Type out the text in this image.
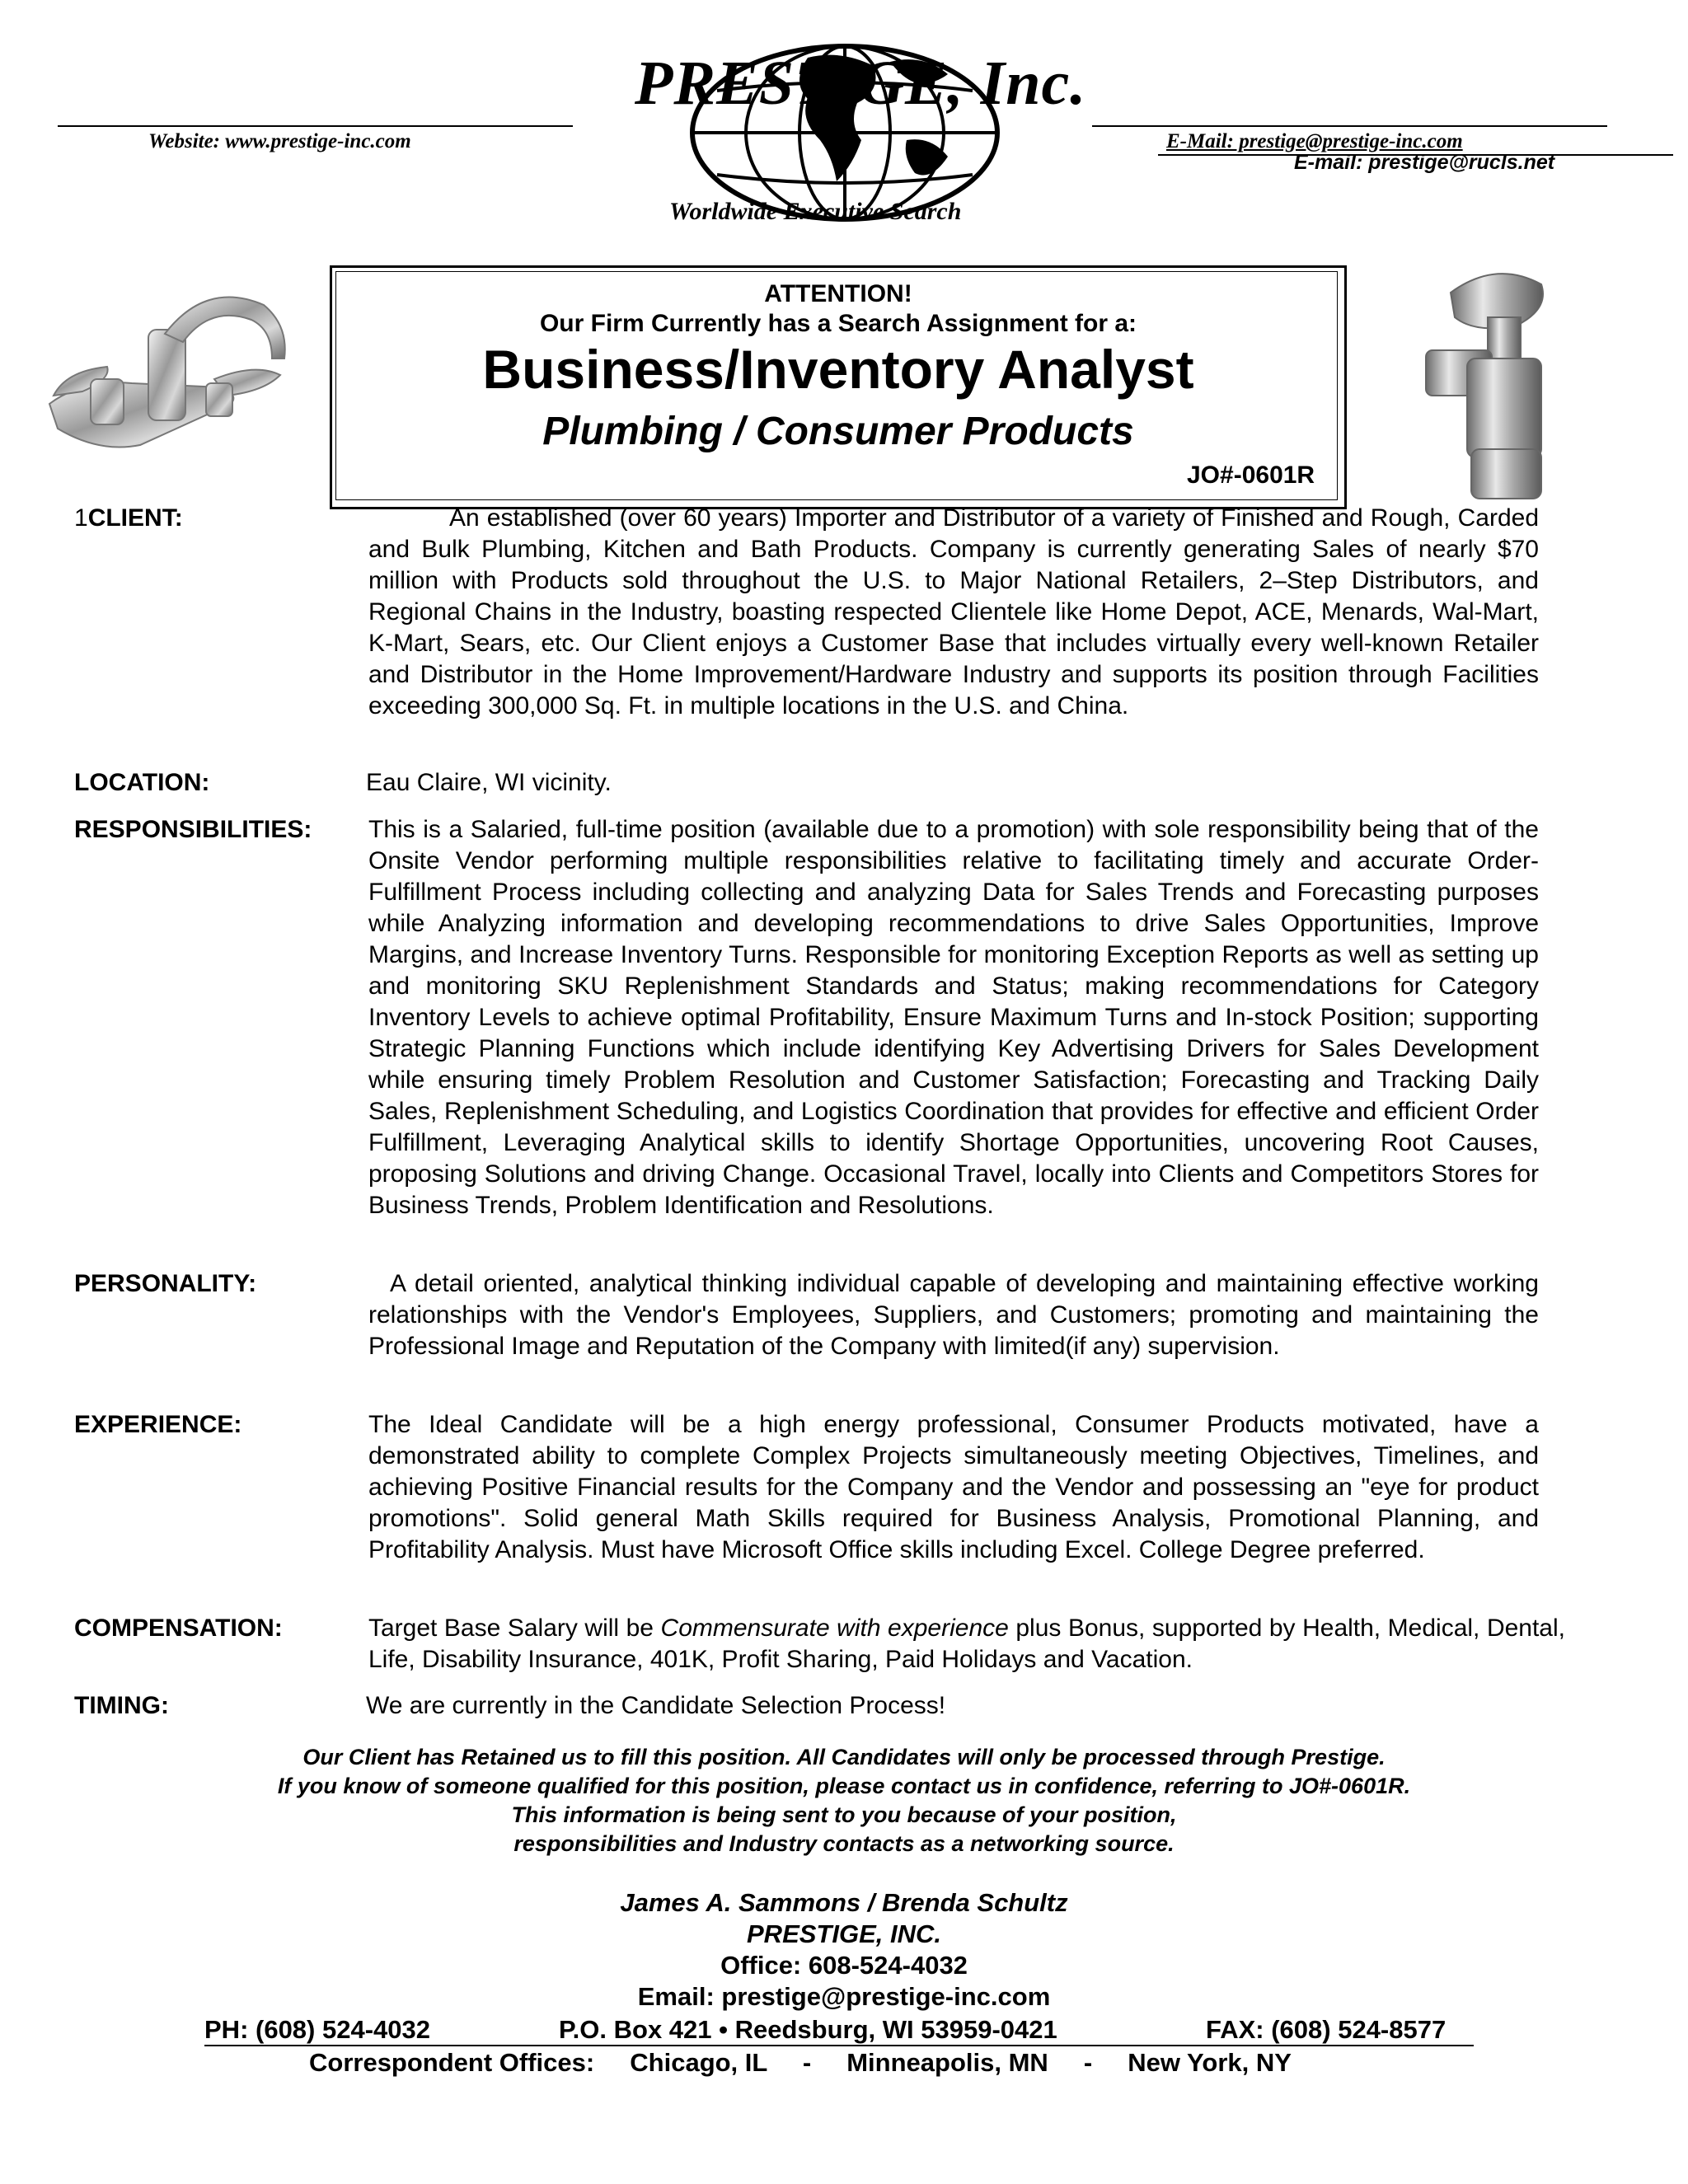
Website: www.prestige-inc.com	E-Mail: prestige@prestige-inc.com
E-mail: prestige@rucls.net
PRESTIGE, Inc.
Worldwide Executive Search
ATTENTION!
Our Firm Currently has a Search Assignment for a:
Business/Inventory Analyst
Plumbing / Consumer Products
JO#-0601R
1CLIENT:	An established (over 60 years) Importer and Distributor of a variety of Finished and Rough, Carded and Bulk Plumbing, Kitchen and Bath Products. Company is currently generating Sales of nearly $70 million with Products sold throughout the U.S. to Major National Retailers, 2–Step Distributors, and Regional Chains in the Industry, boasting respected Clientele like Home Depot, ACE, Menards, Wal-Mart, K-Mart, Sears, etc. Our Client enjoys a Customer Base that includes virtually every well-known Retailer and Distributor in the Home Improvement/Hardware Industry and supports its position through Facilities exceeding 300,000 Sq. Ft. in multiple locations in the U.S. and China.
LOCATION:	Eau Claire, WI vicinity.
RESPONSIBILITIES: This is a Salaried, full-time position (available due to a promotion) with sole responsibility being that of the Onsite Vendor performing multiple responsibilities relative to facilitating timely and accurate Order-Fulfillment Process including collecting and analyzing Data for Sales Trends and Forecasting purposes while Analyzing information and developing recommendations to drive Sales Opportunities, Improve Margins, and Increase Inventory Turns. Responsible for monitoring Exception Reports as well as setting up and monitoring SKU Replenishment Standards and Status; making recommendations for Category Inventory Levels to achieve optimal Profitability, Ensure Maximum Turns and In-stock Position; supporting Strategic Planning Functions which include identifying Key Advertising Drivers for Sales Development while ensuring timely Problem Resolution and Customer Satisfaction; Forecasting and Tracking Daily Sales, Replenishment Scheduling, and Logistics Coordination that provides for effective and efficient Order Fulfillment, Leveraging Analytical skills to identify Shortage Opportunities, uncovering Root Causes, proposing Solutions and driving Change. Occasional Travel, locally into Clients and Competitors Stores for Business Trends, Problem Identification and Resolutions.
PERSONALITY:	A detail oriented, analytical thinking individual capable of developing and maintaining effective working relationships with the Vendor's Employees, Suppliers, and Customers; promoting and maintaining the Professional Image and Reputation of the Company with limited(if any) supervision.
EXPERIENCE:	The Ideal Candidate will be a high energy professional, Consumer Products motivated, have a demonstrated ability to complete Complex Projects simultaneously meeting Objectives, Timelines, and achieving Positive Financial results for the Company and the Vendor and possessing an "eye for product promotions". Solid general Math Skills required for Business Analysis, Promotional Planning, and Profitability Analysis. Must have Microsoft Office skills including Excel. College Degree preferred.
COMPENSATION:	Target Base Salary will be Commensurate with experience plus Bonus, supported by Health, Medical, Dental, Life, Disability Insurance, 401K, Profit Sharing, Paid Holidays and Vacation.
TIMING:	We are currently in the Candidate Selection Process!
Our Client has Retained us to fill this position. All Candidates will only be processed through Prestige.
If you know of someone qualified for this position, please contact us in confidence, referring to JO#-0601R.
This information is being sent to you because of your position,
responsibilities and Industry contacts as a networking source.
James A. Sammons / Brenda Schultz
PRESTIGE, INC.
Office: 608-524-4032
Email: prestige@prestige-inc.com
PH: (608) 524-4032	P.O. Box 421 • Reedsburg, WI 53959-0421	FAX: (608) 524-8577
Correspondent Offices:     Chicago, IL     -     Minneapolis, MN     -     New York, NY
